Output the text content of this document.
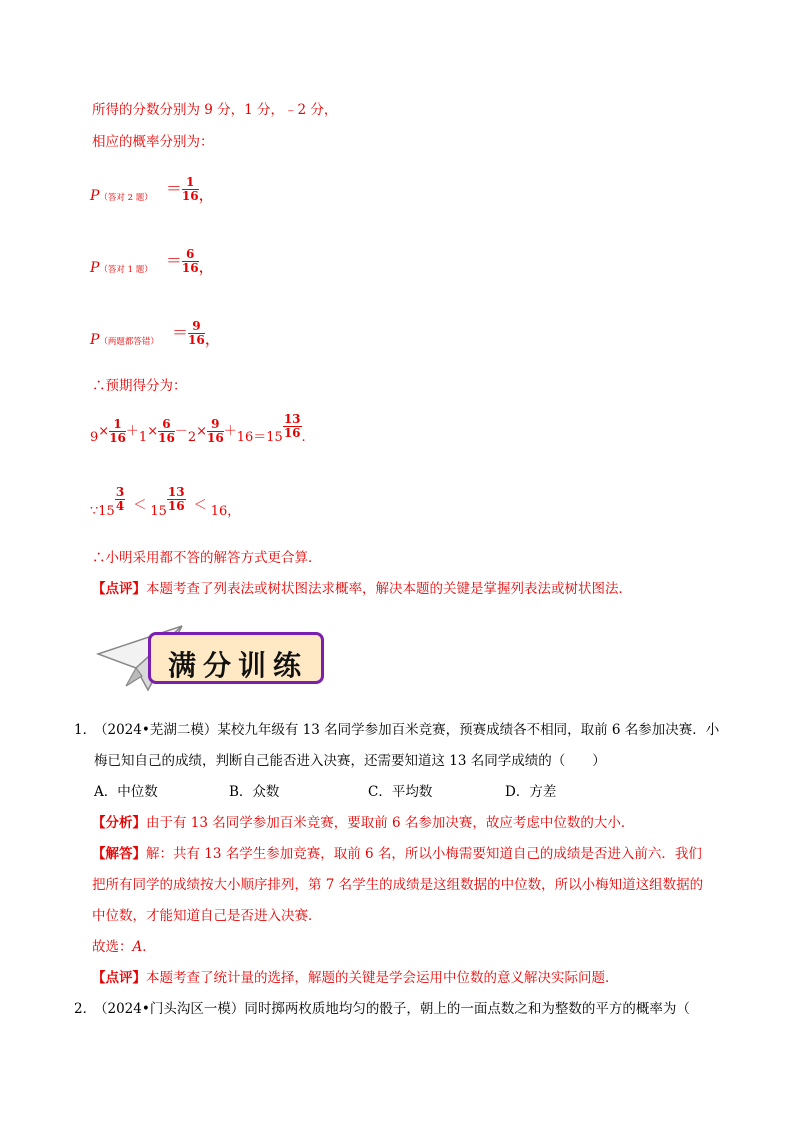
所得的分数分别为 9 分，1 分，﹣2 分，
相应的概率分别为：
$P_{(答对 2 题)} = \frac{1}{16}$ ，
$P_{(答对 1 题)} = \frac{6}{16}$ ，
$P_{(两题都答错)} = \frac{9}{16}$ ，
∴预期得分为：
$9\times \frac{1}{16} +1\times \frac{6}{16} -2\times \frac{9}{16} +16=15 \frac{13}{16}$ .
∵15 $\frac{3}{4} < 15 \frac{13}{16} < 16$，
∴小明采用都不答的解答方式更合算．
【点评】本题考查了列表法或树状图法求概率，解决本题的关键是掌握列表法或树状图法．
满分训练
1．
（2024•芜湖二模）某校九年级有 13 名同学参加百米竞赛，预赛成绩各不相同，取前 6 名参加决赛．小
梅已知自己的成绩，判断自己能否进入决赛，还需要知道这 13 名同学成绩的（　　）
A．中位数	B．众数	C．平均数	D．方差
【分析】由于有 13 名同学参加百米竞赛，要取前 6 名参加决赛，故应考虑中位数的大小．
【解答】解：共有 13 名学生参加竞赛，取前 6 名，所以小梅需要知道自己的成绩是否进入前六．我们
把所有同学的成绩按大小顺序排列，第 7 名学生的成绩是这组数据的中位数，所以小梅知道这组数据的
中位数，才能知道自己是否进入决赛．
故选：A．
【点评】本题考查了统计量的选择，解题的关键是学会运用中位数的意义解决实际问题．
2．
（2024•门头沟区一模）同时掷两枚质地均匀的骰子，朝上的一面点数之和为整数的平方的概率为（
